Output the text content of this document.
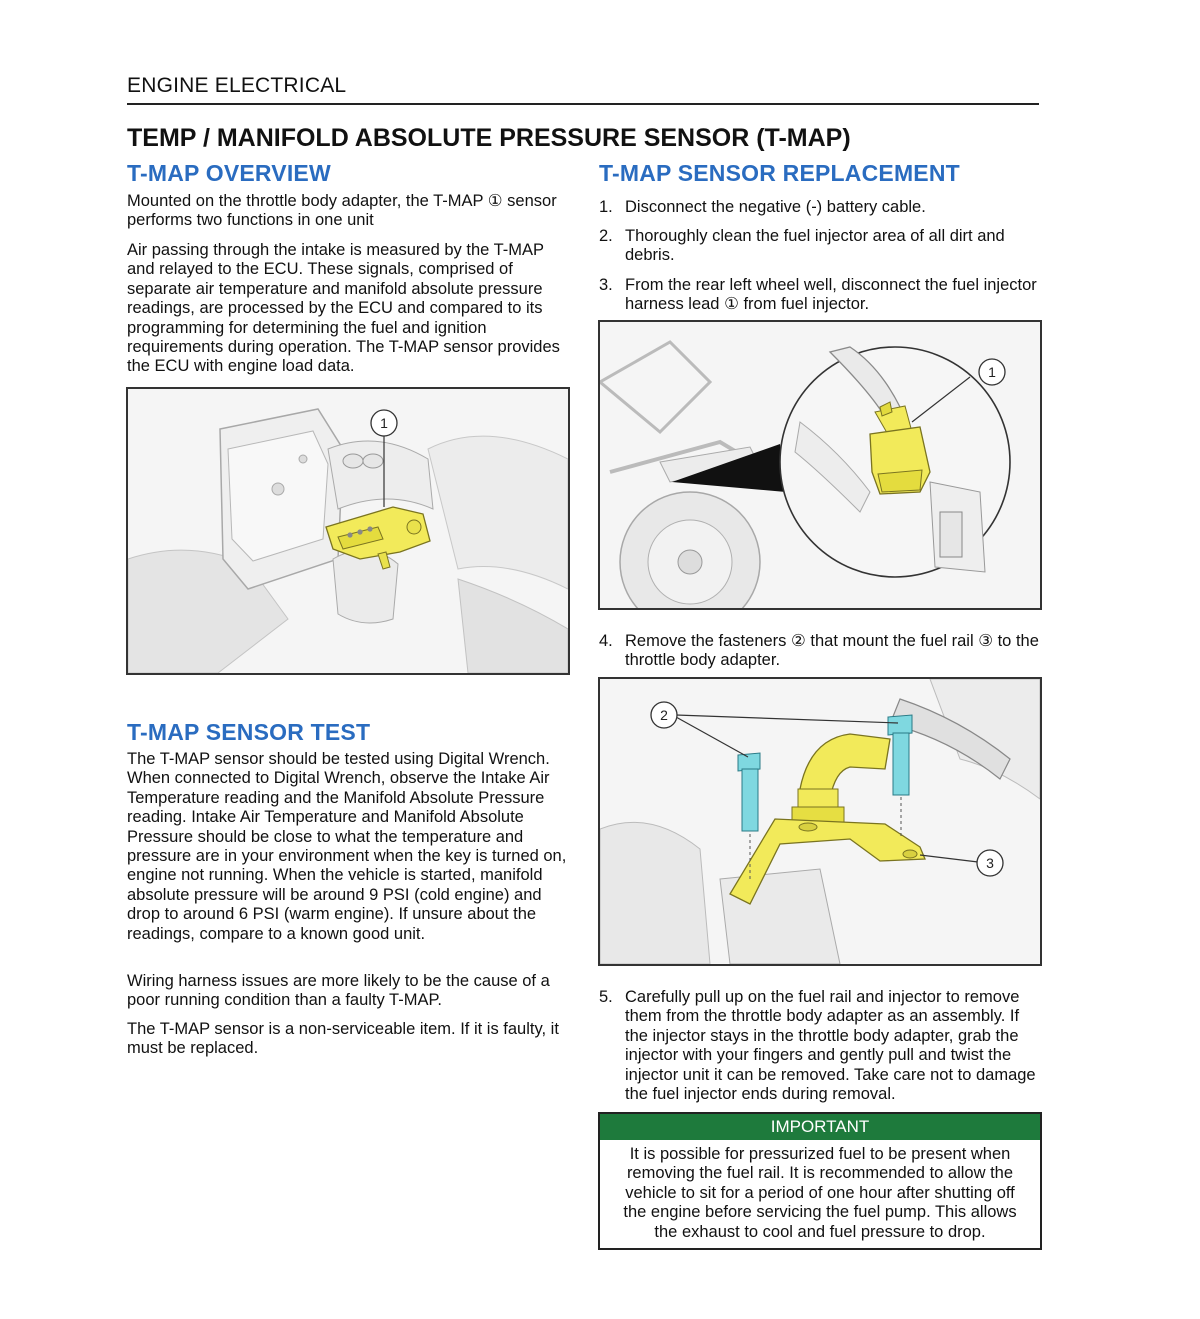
ENGINE ELECTRICAL
TEMP / MANIFOLD ABSOLUTE PRESSURE SENSOR (T-MAP)
T-MAP OVERVIEW

Mounted on the throttle body adapter, the T-MAP ① sensor performs two functions in one unit

Air passing through the intake is measured by the T-MAP and relayed to the ECU. These signals, comprised of separate air temperature and manifold absolute pressure readings, are processed by the ECU and compared to its programming for determining the fuel and ignition requirements during operation. The T-MAP sensor provides the ECU with engine load data.

1
T-MAP SENSOR TEST

The T-MAP sensor should be tested using Digital Wrench. When connected to Digital Wrench, observe the Intake Air Temperature reading and the Manifold Absolute Pressure reading. Intake Air Temperature and Manifold Absolute Pressure should be close to what the temperature and pressure are in your environment when the key is turned on, engine not running. When the vehicle is started, manifold absolute pressure will be around 9 PSI (cold engine) and drop to around 6 PSI (warm engine). If unsure about the readings, compare to a known good unit.

Wiring harness issues are more likely to be the cause of a poor running condition than a faulty T-MAP.

The T-MAP sensor is a non-serviceable item. If it is faulty, it must be replaced.

T-MAP SENSOR REPLACEMENT
1. Disconnect the negative (-) battery cable.
2. Thoroughly clean the fuel injector area of all dirt and debris.
3. From the rear left wheel well, disconnect the fuel injector harness lead ① from fuel injector.
1
4. Remove the fasteners ② that mount the fuel rail ③ to the throttle body adapter.
2
3
5. Carefully pull up on the fuel rail and injector to remove them from the throttle body adapter as an assembly. If the injector stays in the throttle body adapter, grab the injector with your fingers and gently pull and twist the injector unit it can be removed. Take care not to damage the fuel injector ends during removal.
IMPORTANT
It is possible for pressurized fuel to be present when removing the fuel rail. It is recommended to allow the vehicle to sit for a period of one hour after shutting off the engine before servicing the fuel pump. This allows the exhaust to cool and fuel pressure to drop.
